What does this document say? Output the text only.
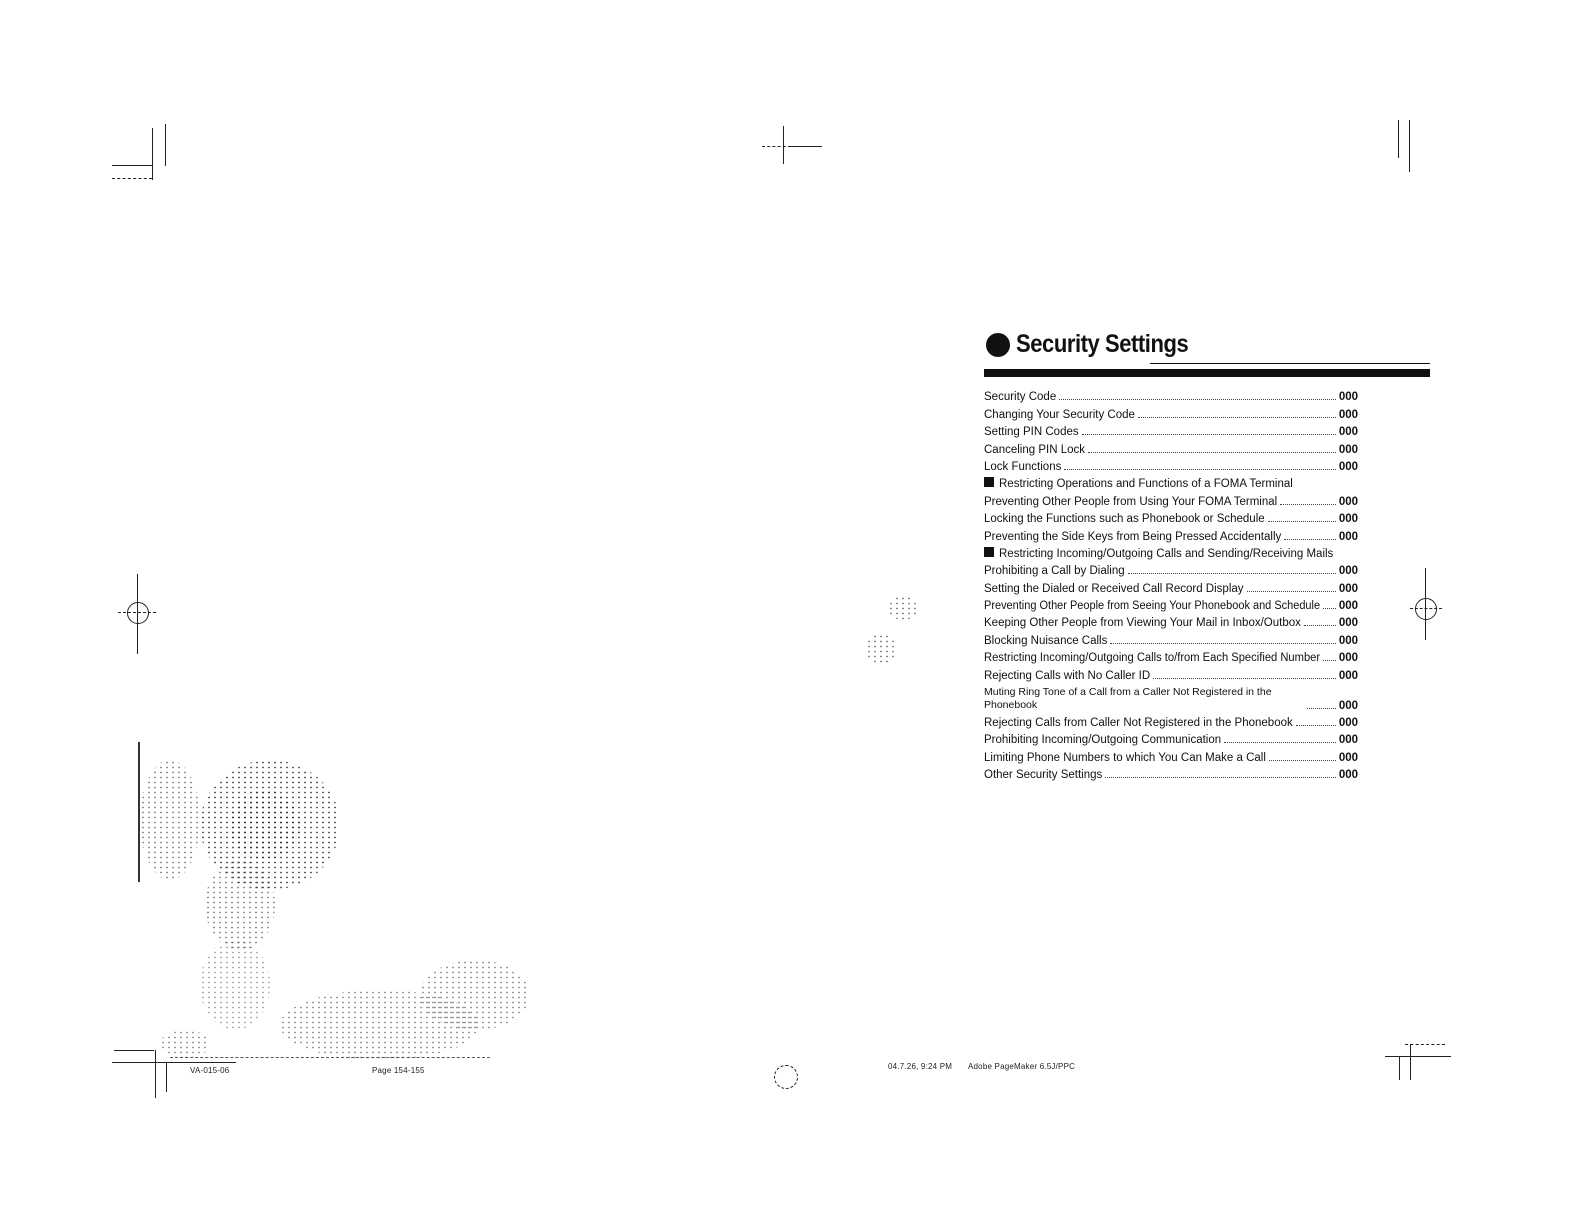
Security Settings
Security Code	000
Changing Your Security Code	000
Setting PIN Codes	000
Canceling PIN Lock	000
Lock Functions	000
Restricting Operations and Functions of a FOMA Terminal
Preventing Other People from Using Your FOMA Terminal	000
Locking the Functions such as Phonebook or Schedule	000
Preventing the Side Keys from Being Pressed Accidentally	000
Restricting Incoming/Outgoing Calls and Sending/Receiving Mails
Prohibiting a Call by Dialing	000
Setting the Dialed or Received Call Record Display	000
Preventing Other People from Seeing Your Phonebook and Schedule 000
Keeping Other People from Viewing Your Mail in Inbox/Outbox	000
Blocking Nuisance Calls	000
Restricting Incoming/Outgoing Calls to/from Each Specified Number 000
Rejecting Calls with No Caller ID	000
Muting Ring Tone of a Call from a Caller Not Registered in the Phonebook	000
Rejecting Calls from Caller Not Registered in the Phonebook	000
Prohibiting Incoming/Outgoing Communication	000
Limiting Phone Numbers to which You Can Make a Call	000
Other Security Settings	000
VA-015-06	Page 154-155	04.7.26, 9:24 PM Adobe PageMaker 6.5J/PPC
